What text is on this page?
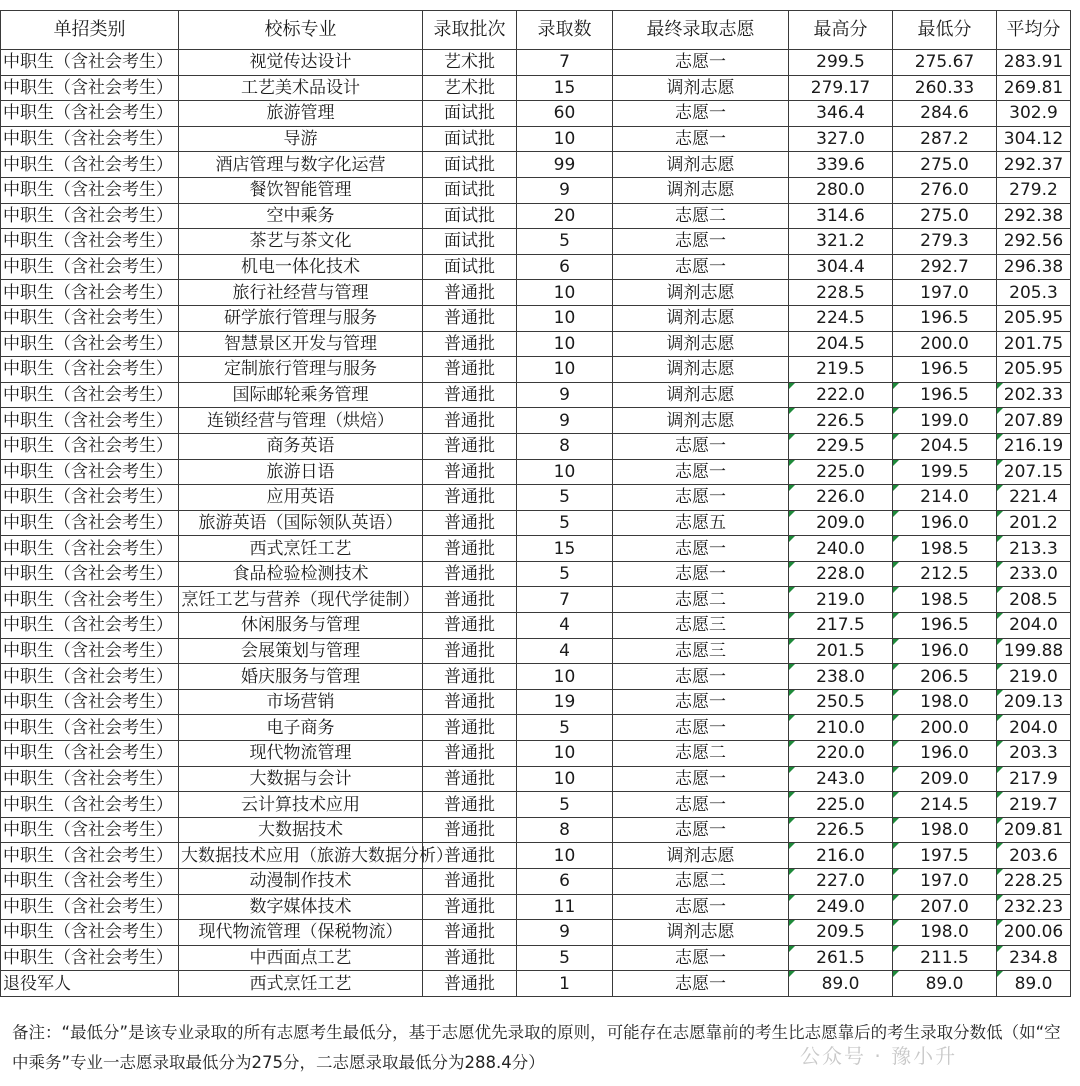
单招类别	校标专业	录取批次	录取数	最终录取志愿	最高分	最低分	平均分
中职生（含社会考生）	视觉传达设计	艺术批	7	志愿一	299.5	275.67	283.91
中职生（含社会考生）	工艺美术品设计	艺术批	15	调剂志愿	279.17	260.33	269.81
中职生（含社会考生）	旅游管理	面试批	60	志愿一	346.4	284.6	302.9
中职生（含社会考生）	导游	面试批	10	志愿一	327.0	287.2	304.12
中职生（含社会考生）	酒店管理与数字化运营	面试批	99	调剂志愿	339.6	275.0	292.37
中职生（含社会考生）	餐饮智能管理	面试批	9	调剂志愿	280.0	276.0	279.2
中职生（含社会考生）	空中乘务	面试批	20	志愿二	314.6	275.0	292.38
中职生（含社会考生）	茶艺与茶文化	面试批	5	志愿一	321.2	279.3	292.56
中职生（含社会考生）	机电一体化技术	面试批	6	志愿一	304.4	292.7	296.38
中职生（含社会考生）	旅行社经营与管理	普通批	10	调剂志愿	228.5	197.0	205.3
中职生（含社会考生）	研学旅行管理与服务	普通批	10	调剂志愿	224.5	196.5	205.95
中职生（含社会考生）	智慧景区开发与管理	普通批	10	调剂志愿	204.5	200.0	201.75
中职生（含社会考生）	定制旅行管理与服务	普通批	10	调剂志愿	219.5	196.5	205.95
中职生（含社会考生）	国际邮轮乘务管理	普通批	9	调剂志愿	222.0	196.5	202.33
中职生（含社会考生）	连锁经营与管理（烘焙）	普通批	9	调剂志愿	226.5	199.0	207.89
中职生（含社会考生）	商务英语	普通批	8	志愿一	229.5	204.5	216.19
中职生（含社会考生）	旅游日语	普通批	10	志愿一	225.0	199.5	207.15
中职生（含社会考生）	应用英语	普通批	5	志愿一	226.0	214.0	221.4
中职生（含社会考生）	旅游英语（国际领队英语）	普通批	5	志愿五	209.0	196.0	201.2
中职生（含社会考生）	西式烹饪工艺	普通批	15	志愿一	240.0	198.5	213.3
中职生（含社会考生）	食品检验检测技术	普通批	5	志愿一	228.0	212.5	233.0
中职生（含社会考生）	烹饪工艺与营养（现代学徒制）	普通批	7	志愿二	219.0	198.5	208.5
中职生（含社会考生）	休闲服务与管理	普通批	4	志愿三	217.5	196.5	204.0
中职生（含社会考生）	会展策划与管理	普通批	4	志愿三	201.5	196.0	199.88
中职生（含社会考生）	婚庆服务与管理	普通批	10	志愿一	238.0	206.5	219.0
中职生（含社会考生）	市场营销	普通批	19	志愿一	250.5	198.0	209.13
中职生（含社会考生）	电子商务	普通批	5	志愿一	210.0	200.0	204.0
中职生（含社会考生）	现代物流管理	普通批	10	志愿二	220.0	196.0	203.3
中职生（含社会考生）	大数据与会计	普通批	10	志愿一	243.0	209.0	217.9
中职生（含社会考生）	云计算技术应用	普通批	5	志愿一	225.0	214.5	219.7
中职生（含社会考生）	大数据技术	普通批	8	志愿一	226.5	198.0	209.81
中职生（含社会考生）	大数据技术应用（旅游大数据分析）	普通批	10	调剂志愿	216.0	197.5	203.6
中职生（含社会考生）	动漫制作技术	普通批	6	志愿二	227.0	197.0	228.25
中职生（含社会考生）	数字媒体技术	普通批	11	志愿一	249.0	207.0	232.23
中职生（含社会考生）	现代物流管理（保税物流）	普通批	9	调剂志愿	209.5	198.0	200.06
中职生（含社会考生）	中西面点工艺	普通批	5	志愿一	261.5	211.5	234.8
退役军人	西式烹饪工艺	普通批	1	志愿一	89.0	89.0	89.0
备注：“最低分”是该专业录取的所有志愿考生最低分，基于志愿优先录取的原则，可能存在志愿靠前的考生比志愿靠后的考生录取分数低（如“空中乘务”专业一志愿录取最低分为275分，二志愿录取最低分为288.4分）	公众号 · 豫小升
